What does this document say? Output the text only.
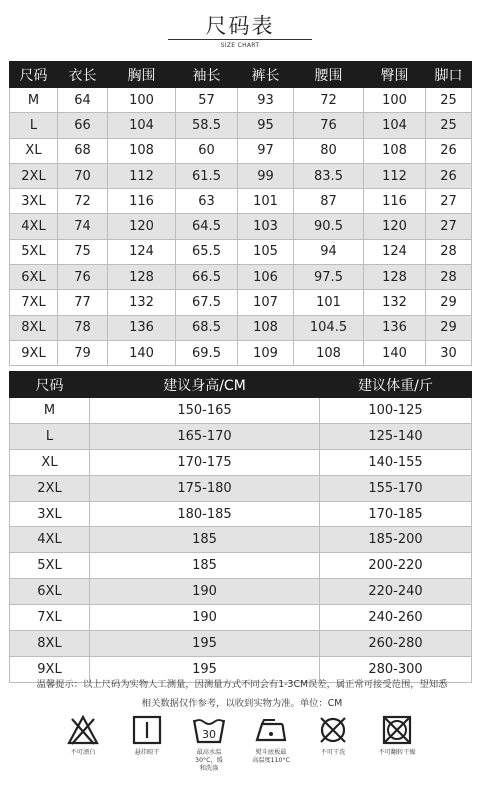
尺码表
SIZE CHART
尺码	衣长	胸围	袖长	裤长	腰围	臀围	脚口
M	64	100	57	93	72	100	25
L	66	104	58.5	95	76	104	25
XL	68	108	60	97	80	108	26
2XL	70	112	61.5	99	83.5	112	26
3XL	72	116	63	101	87	116	27
4XL	74	120	64.5	103	90.5	120	27
5XL	75	124	65.5	105	94	124	28
6XL	76	128	66.5	106	97.5	128	28
7XL	77	132	67.5	107	101	132	29
8XL	78	136	68.5	108	104.5	136	29
9XL	79	140	69.5	109	108	140	30
尺码	建议身高/CM	建议体重/斤
M	150-165	100-125
L	165-170	125-140
XL	170-175	140-155
2XL	175-180	155-170
3XL	180-185	170-185
4XL	185	185-200
5XL	185	200-220
6XL	190	220-240
7XL	190	240-260
8XL	195	260-280
9XL	195	280-300
温馨提示：以上尺码为实物人工测量，因测量方式不同会有1-3CM误差，属正常可接受范围，望知悉
相关数据仅作参考，以收到实物为准。单位：CM
不可漂白	悬挂晾干
30
最高水温
30°C，缓
和洗涤
熨斗底板最
高温度110°C
不可干洗	不可翻转干燥
